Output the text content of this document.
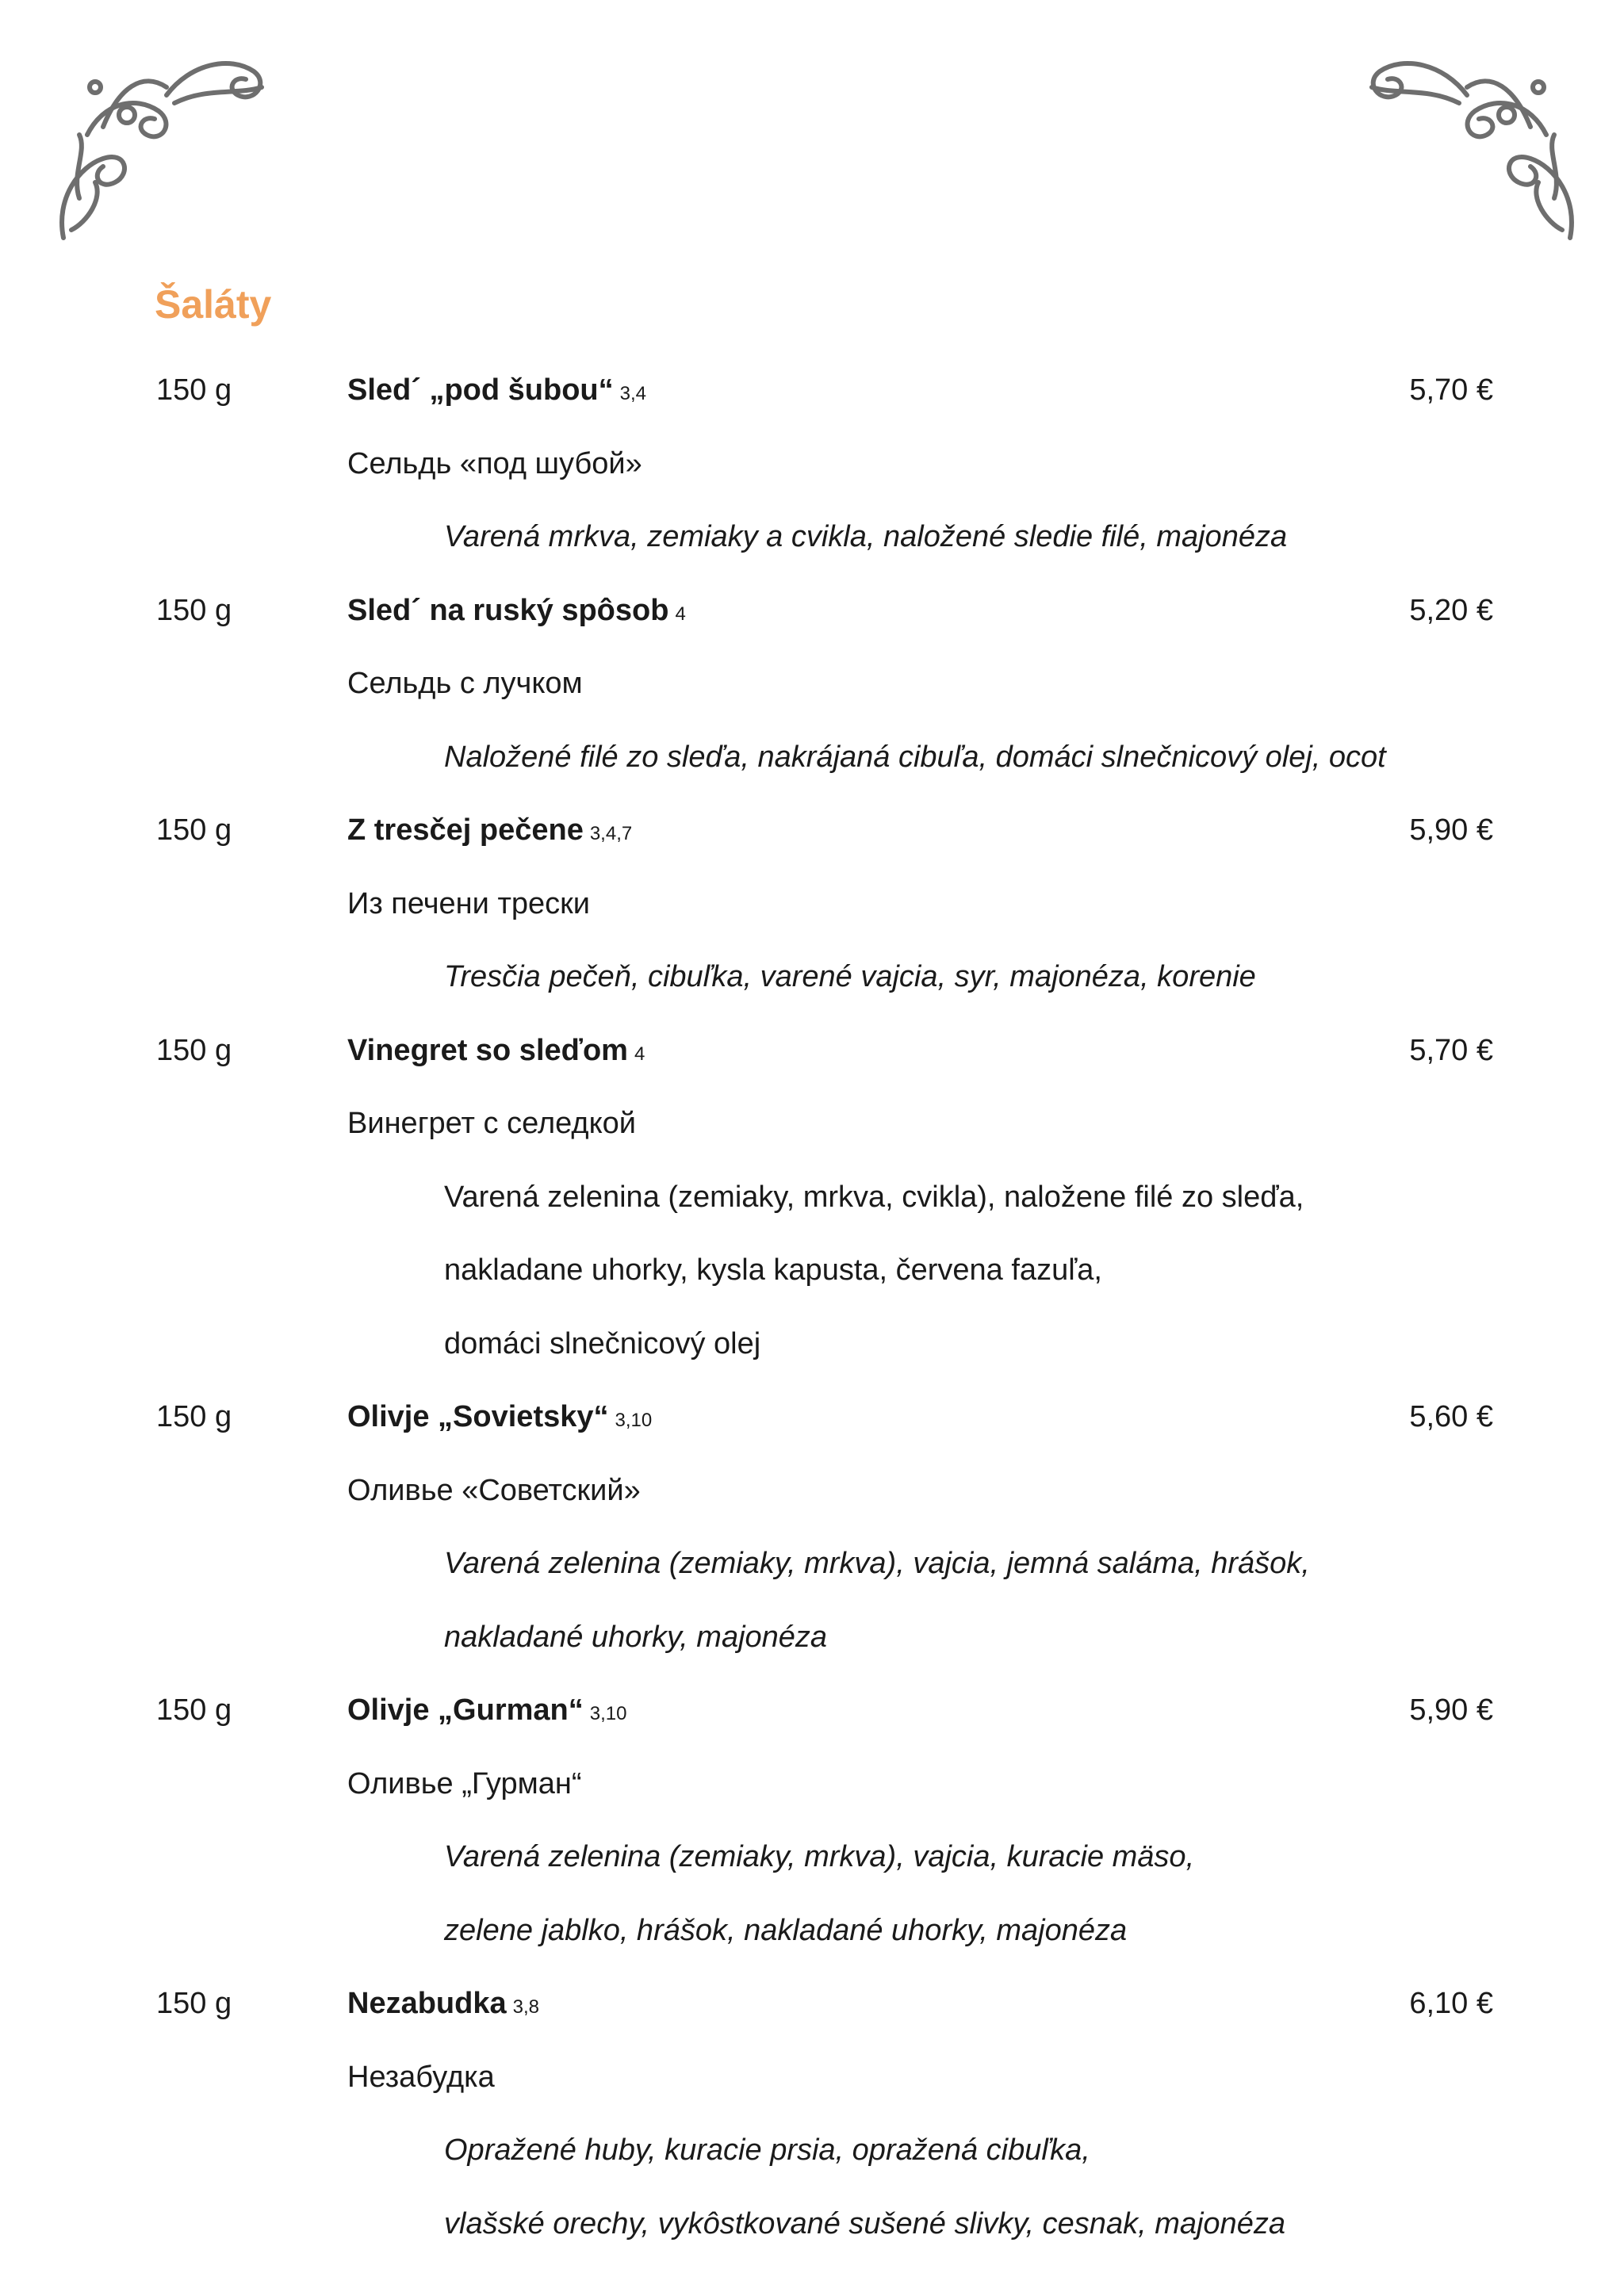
Šaláty
150 g	Sled´ „pod šubou“ 3,4	5,70 €
Сельдь «под шубой»
Varená mrkva, zemiaky a cvikla, naložené sledie filé, majonéza
150 g	Sled´ na ruský spôsob 4	5,20 €
Сельдь с лучком
Naložené filé zo sleďa, nakrájaná cibuľa, domáci slnečnicový olej, ocot
150 g	Z trеsčej pečene 3,4,7	5,90 €
Из печени трески
Trеsčia pečeň, cibuľka, varené vajcia, syr, majonéza, korenie
150 g	Vinegret so sleďom 4	5,70 €
Винегрет с селедкой
Varená zelenina (zemiaky, mrkva, cvikla), naložene filé zo sleďa,
nakladane uhorky, kysla kapusta, červena fazuľa,
domáci slnečnicový olej
150 g	Olivje „Sovietsky“ 3,10	5,60 €
Оливье «Советский»
Varená zelenina (zemiaky, mrkva), vajcia, jemná saláma, hrášok,
nakladané uhorky, majonéza
150 g	Olivje „Gurman“ 3,10	5,90 €
Оливье „Гурман“
Varená zelenina (zemiaky, mrkva), vajcia, kuracie mäso,
zelene jablko, hrášok, nakladané uhorky, majonéza
150 g	Nezabudka 3,8	6,10 €
Незабудка
Opražené huby, kuracie prsia, opražená cibuľka,
vlašské orechy, vykôstkované sušené slivky, cesnak, majonéza
